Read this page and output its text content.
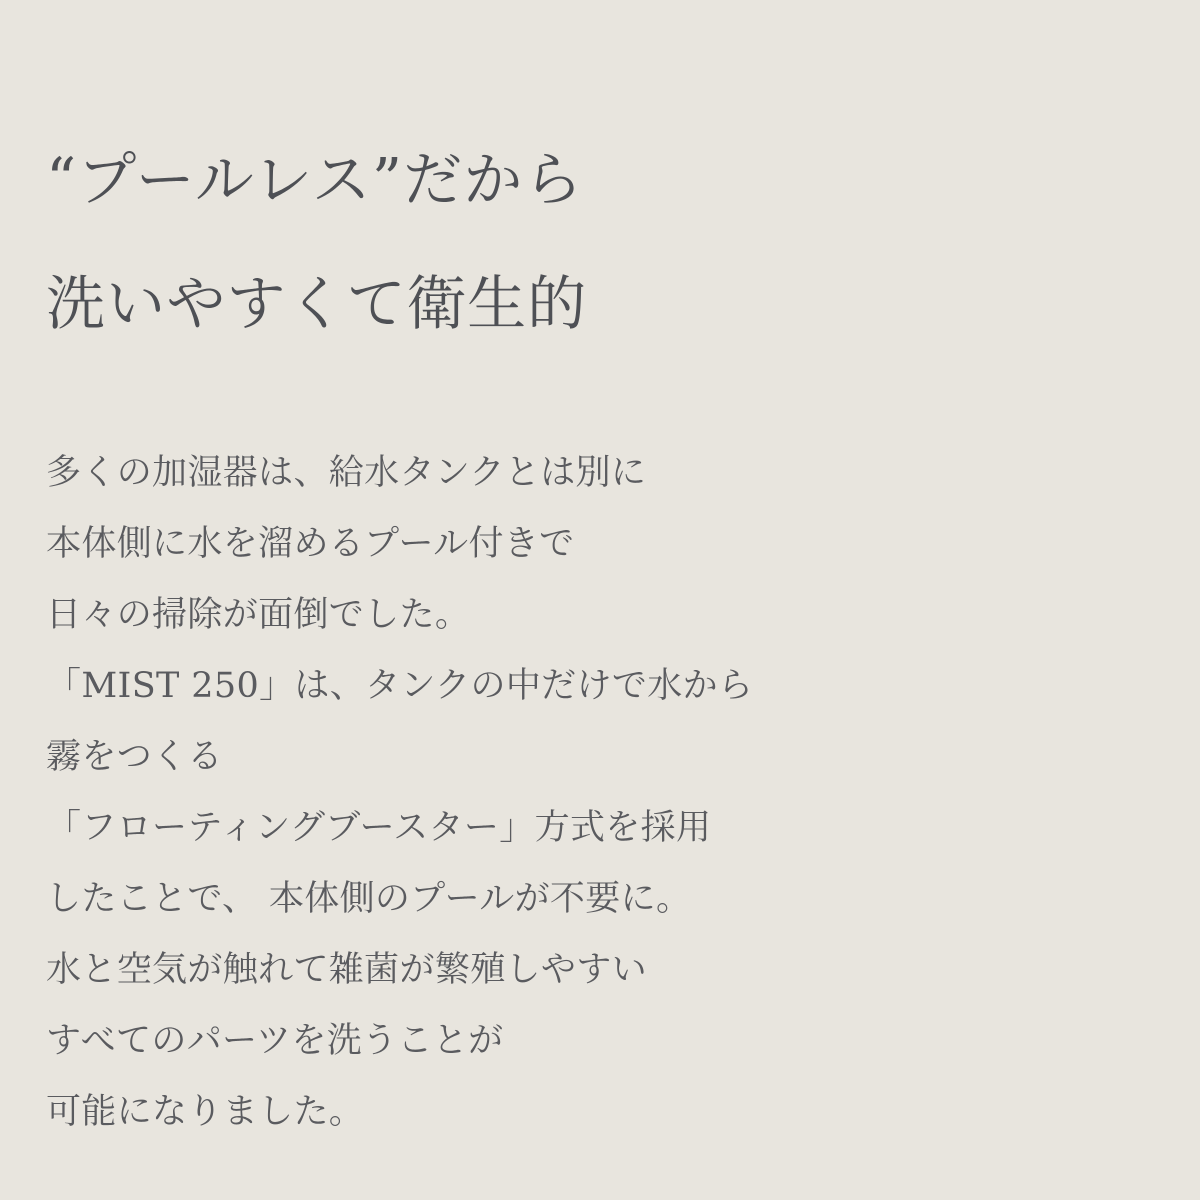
“プールレス”だから
洗いやすくて衛生的
多くの加湿器は、給水タンクとは別に
本体側に水を溜めるプール付きで
日々の掃除が面倒でした。
「MIST 250」は、タンクの中だけで水から
霧をつくる
「フローティングブースター」方式を採用
したことで、 本体側のプールが不要に。
水と空気が触れて雑菌が繁殖しやすい
すべてのパーツを洗うことが
可能になりました。
